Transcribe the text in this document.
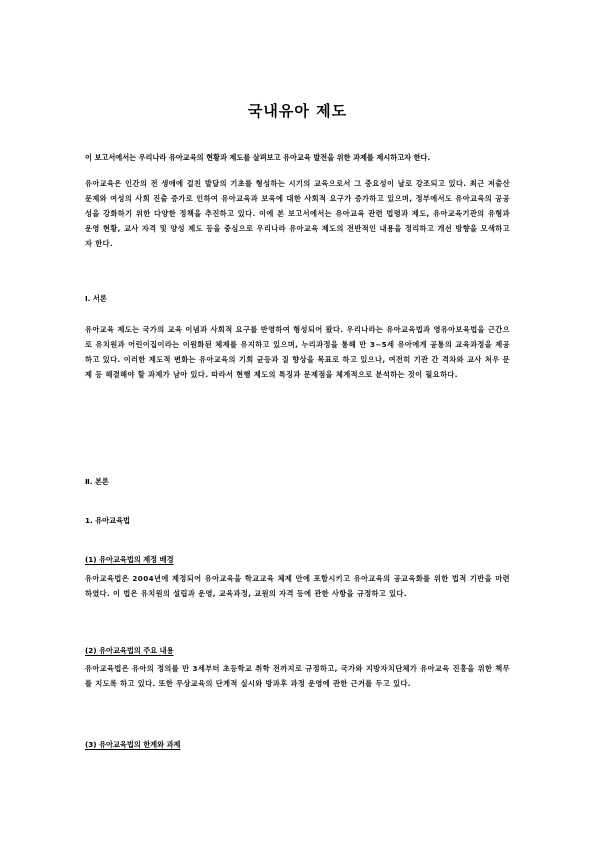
국내유아 제도
이 보고서에서는 우리나라 유아교육의 현황과 제도를 살펴보고 유아교육 발전을 위한 과제를 제시하고자 한다.

유아교육은 인간의 전 생애에 걸친 발달의 기초를 형성하는 시기의 교육으로서 그 중요성이 날로 강조되고 있다. 최근 저출산 문제와 여성의 사회 진출 증가로 인하여 유아교육과 보육에 대한 사회적 요구가 증가하고 있으며, 정부에서도 유아교육의 공공성을 강화하기 위한 다양한 정책을 추진하고 있다. 이에 본 보고서에서는 유아교육 관련 법령과 제도, 유아교육기관의 유형과 운영 현황, 교사 자격 및 양성 제도 등을 중심으로 우리나라 유아교육 제도의 전반적인 내용을 정리하고 개선 방향을 모색하고자 한다.

Ⅰ. 서론

유아교육 제도는 국가의 교육 이념과 사회적 요구를 반영하여 형성되어 왔다. 우리나라는 유아교육법과 영유아보육법을 근간으로 유치원과 어린이집이라는 이원화된 체제를 유지하고 있으며, 누리과정을 통해 만 3~5세 유아에게 공통의 교육과정을 제공하고 있다. 이러한 제도적 변화는 유아교육의 기회 균등과 질 향상을 목표로 하고 있으나, 여전히 기관 간 격차와 교사 처우 문제 등 해결해야 할 과제가 남아 있다. 따라서 현행 제도의 특징과 문제점을 체계적으로 분석하는 것이 필요하다.

Ⅱ. 본론
1. 유아교육법
(1) 유아교육법의 제정 배경

유아교육법은 2004년에 제정되어 유아교육을 학교교육 체제 안에 포함시키고 유아교육의 공교육화를 위한 법적 기반을 마련하였다. 이 법은 유치원의 설립과 운영, 교육과정, 교원의 자격 등에 관한 사항을 규정하고 있다.

(2) 유아교육법의 주요 내용

유아교육법은 유아의 정의를 만 3세부터 초등학교 취학 전까지로 규정하고, 국가와 지방자치단체가 유아교육 진흥을 위한 책무를 지도록 하고 있다. 또한 무상교육의 단계적 실시와 방과후 과정 운영에 관한 근거를 두고 있다.

(3) 유아교육법의 한계와 과제
